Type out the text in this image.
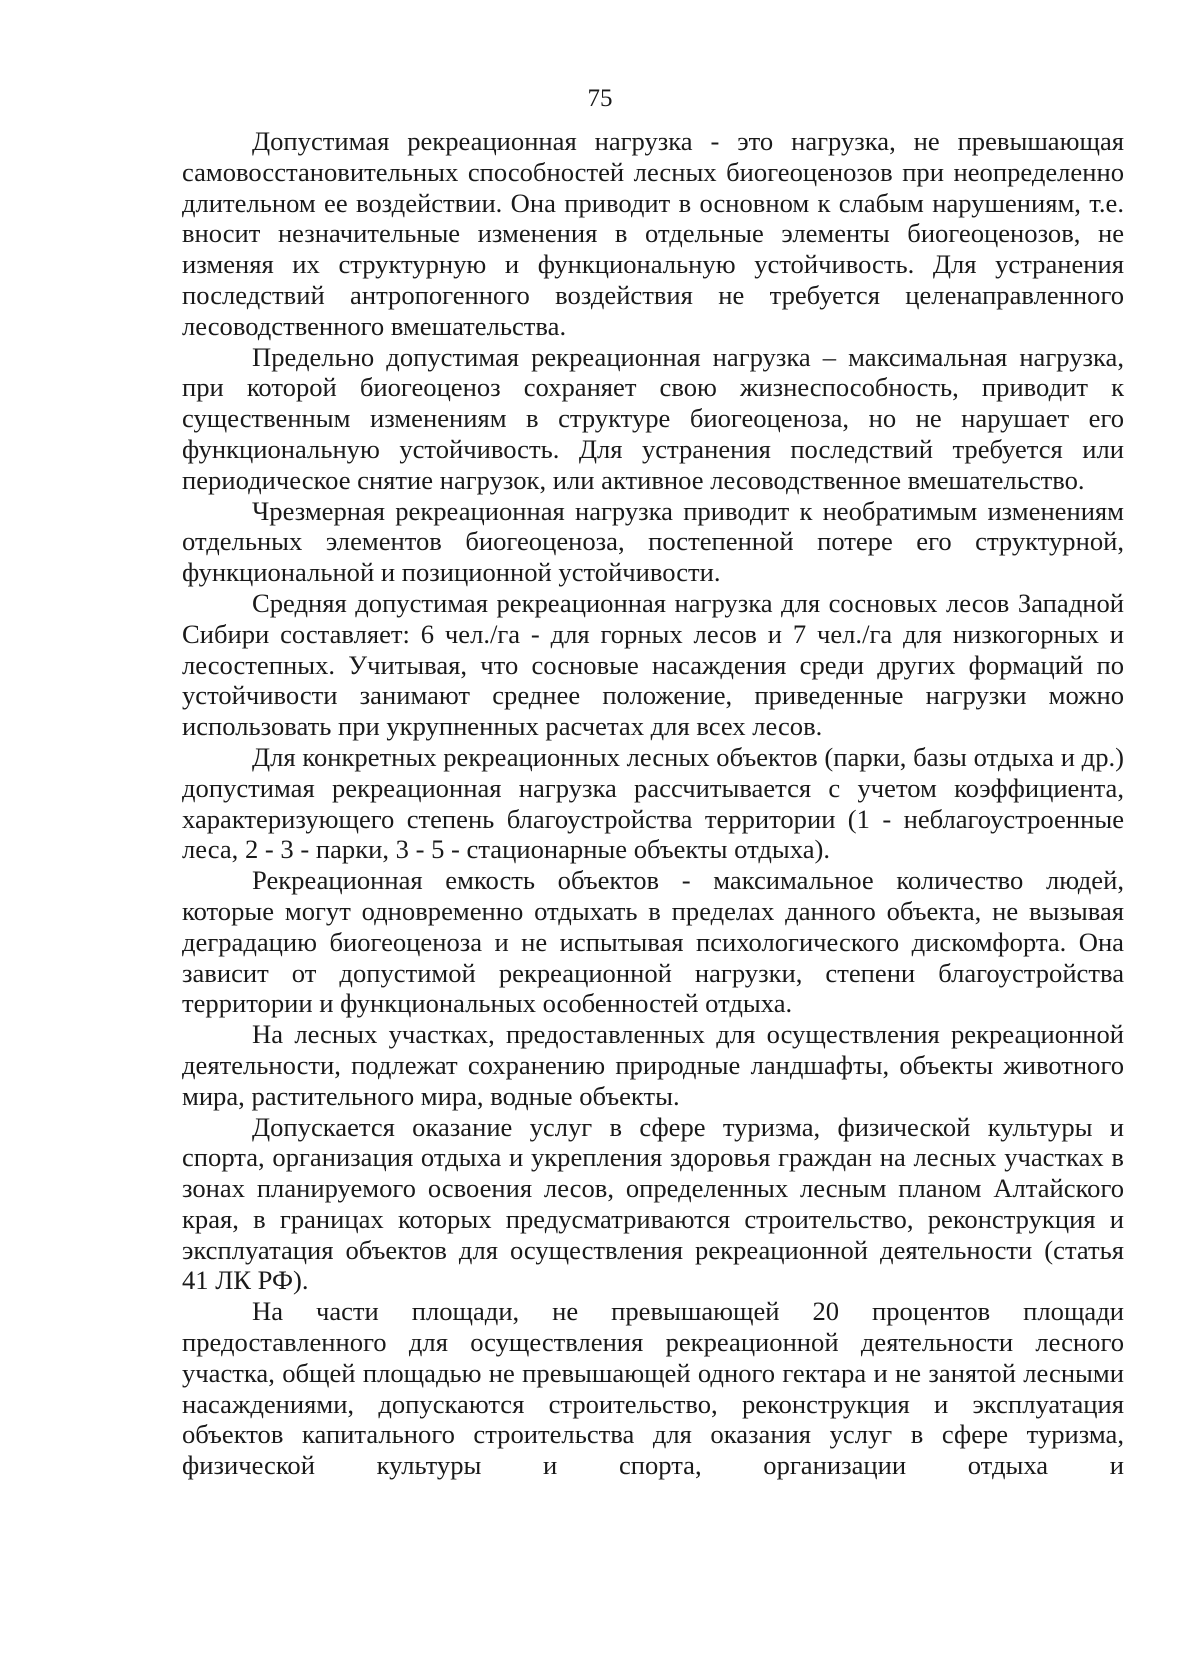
75

Допустимая рекреационная нагрузка - это нагрузка, не превышающая самовосстановительных способностей лесных биогеоценозов при неопределенно длительном ее воздействии. Она приводит в основном к слабым нарушениям, т.е. вносит незначительные изменения в отдельные элементы биогеоценозов, не изменяя их структурную и функциональную устойчивость. Для устранения последствий антропогенного воздействия не требуется целенаправленного лесоводственного вмешательства.

Предельно допустимая рекреационная нагрузка – максимальная нагрузка, при которой биогеоценоз сохраняет свою жизнеспособность, приводит к существенным изменениям в структуре биогеоценоза, но не нарушает его функциональную устойчивость. Для устранения последствий требуется или периодическое снятие нагрузок, или активное лесоводственное вмешательство.

Чрезмерная рекреационная нагрузка приводит к необратимым изменениям отдельных элементов биогеоценоза, постепенной потере его структурной, функциональной и позиционной устойчивости.

Средняя допустимая рекреационная нагрузка для сосновых лесов Западной Сибири составляет: 6 чел./га - для горных лесов и 7 чел./га для низкогорных и лесостепных. Учитывая, что сосновые насаждения среди других формаций по устойчивости занимают среднее положение, приведенные нагрузки можно использовать при укрупненных расчетах для всех лесов.

Для конкретных рекреационных лесных объектов (парки, базы отдыха и др.) допустимая рекреационная нагрузка рассчитывается с учетом коэффициента, характеризующего степень благоустройства территории (1 - неблагоустроенные леса, 2 - 3 - парки, 3 - 5 - стационарные объекты отдыха).

Рекреационная емкость объектов - максимальное количество людей, которые могут одновременно отдыхать в пределах данного объекта, не вызывая деградацию биогеоценоза и не испытывая психологического дискомфорта. Она зависит от допустимой рекреационной нагрузки, степени благоустройства территории и функциональных особенностей отдыха.

На лесных участках, предоставленных для осуществления рекреационной деятельности, подлежат сохранению природные ландшафты, объекты животного мира, растительного мира, водные объекты.

Допускается оказание услуг в сфере туризма, физической культуры и спорта, организация отдыха и укрепления здоровья граждан на лесных участках в зонах планируемого освоения лесов, определенных лесным планом Алтайского края, в границах которых предусматриваются строительство, реконструкция и эксплуатация объектов для осуществления рекреационной деятельности (статья 41 ЛК РФ).

На части площади, не превышающей 20 процентов площади предоставленного для осуществления рекреационной деятельности лесного участка, общей площадью не превышающей одного гектара и не занятой лесными насаждениями, допускаются строительство, реконструкция и эксплуатация объектов капитального строительства для оказания услуг в сфере туризма, физической культуры и спорта, организации отдыха и
